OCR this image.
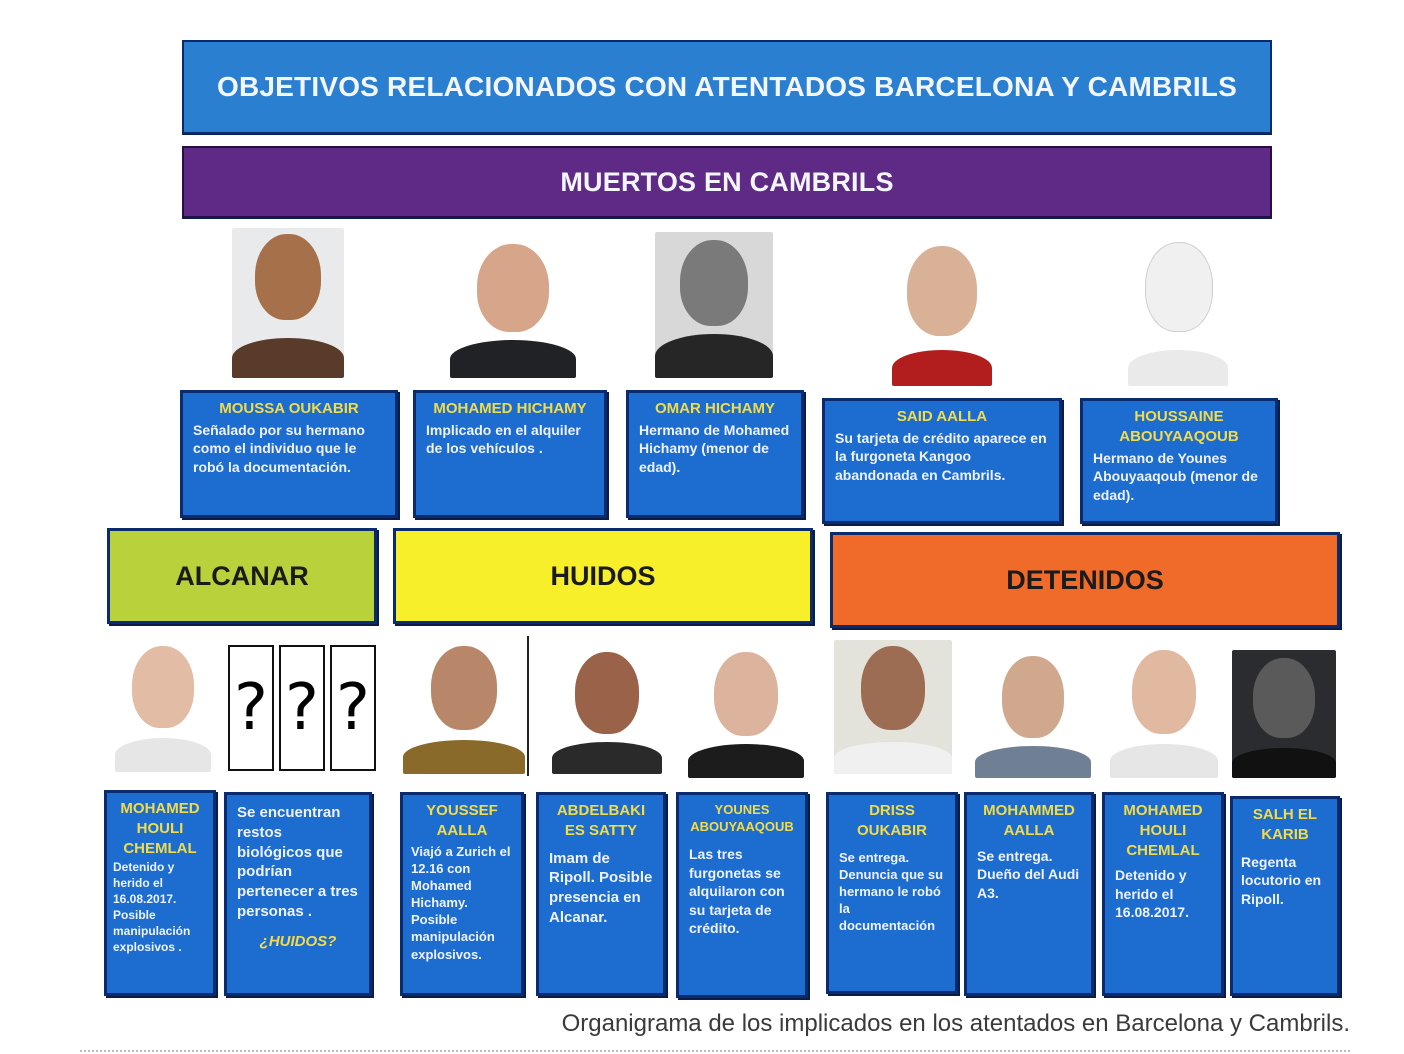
OBJETIVOS RELACIONADOS CON ATENTADOS BARCELONA Y CAMBRILS
MUERTOS EN CAMBRILS
MOUSSA OUKABIR
Señalado por su hermano como el individuo que le robó la documentación.
MOHAMED HICHAMY
Implicado en el alquiler de los vehículos .
OMAR HICHAMY
Hermano de Mohamed Hichamy (menor de edad).
SAID AALLA
Su tarjeta de crédito aparece en la furgoneta Kangoo abandonada en Cambrils.
HOUSSAINE ABOUYAAQOUB
Hermano de Younes Abouyaaqoub (menor de edad).
ALCANAR	HUIDOS	DETENIDOS
? ? ?
MOHAMED HOULI CHEMLAL
Detenido y herido el 16.08.2017. Posible manipulación explosivos .
Se encuentran restos biológicos que podrían pertenecer a tres personas .
¿HUIDOS?
YOUSSEF AALLA
Viajó a Zurich el 12.16 con Mohamed Hichamy. Posible manipulación explosivos.
ABDELBAKI ES SATTY
Imam de Ripoll. Posible presencia en Alcanar.
YOUNES ABOUYAAQOUB
Las tres furgonetas se alquilaron con su tarjeta de crédito.
DRISS OUKABIR
Se entrega. Denuncia que su hermano le robó la documentación
MOHAMMED AALLA
Se entrega. Dueño del Audi A3.
MOHAMED HOULI CHEMLAL
Detenido y herido el 16.08.2017.
SALH EL KARIB
Regenta locutorio en Ripoll.
Organigrama de los implicados en los atentados en Barcelona y Cambrils.
